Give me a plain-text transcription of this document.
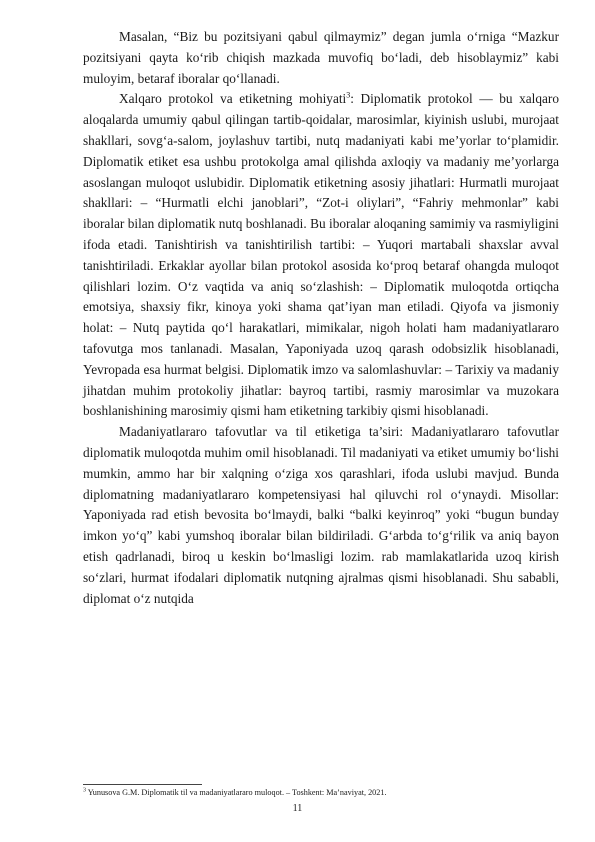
Masalan, “Biz bu pozitsiyani qabul qilmaymiz” degan jumla o‘rniga “Mazkur pozitsiyani qayta ko‘rib chiqish mazkada muvofiq bo‘ladi, deb hisoblaymiz” kabi muloyim, betaraf iboralar qo‘llanadi.

Xalqaro protokol va etiketning mohiyati$^3$: Diplomatik protokol — bu xalqaro aloqalarda umumiy qabul qilingan tartib-qoidalar, marosimlar, kiyinish uslubi, murojaat shakllari, sovg‘a-salom, joylashuv tartibi, nutq madaniyati kabi me’yorlar to‘plamidir. Diplomatik etiket esa ushbu protokolga amal qilishda axloqiy va madaniy me’yorlarga asoslangan muloqot uslubidir. Diplomatik etiketning asosiy jihatlari: Hurmatli murojaat shakllari: – “Hurmatli elchi janoblari”, “Zot-i oliylari”, “Fahriy mehmonlar” kabi iboralar bilan diplomatik nutq boshlanadi. Bu iboralar aloqaning samimiy va rasmiyligini ifoda etadi. Tanishtirish va tanishtirilish tartibi: – Yuqori martabali shaxslar avval tanishtiriladi. Erkaklar ayollar bilan protokol asosida ko‘proq betaraf ohangda muloqot qilishlari lozim. O‘z vaqtida va aniq so‘zlashish: – Diplomatik muloqotda ortiqcha emotsiya, shaxsiy fikr, kinoya yoki shama qat’iyan man etiladi. Qiyofa va jismoniy holat: – Nutq paytida qo‘l harakatlari, mimikalar, nigoh holati ham madaniyatlararo tafovutga mos tanlanadi. Masalan, Yaponiyada uzoq qarash odobsizlik hisoblanadi, Yevropada esa hurmat belgisi. Diplomatik imzo va salomlashuvlar: – Tarixiy va madaniy jihatdan muhim protokoliy jihatlar: bayroq tartibi, rasmiy marosimlar va muzokara boshlanishining marosimiy qismi ham etiketning tarkibiy qismi hisoblanadi.

Madaniyatlararo tafovutlar va til etiketiga ta’siri: Madaniyatlararo tafovutlar diplomatik muloqotda muhim omil hisoblanadi. Til madaniyati va etiket umumiy bo‘lishi mumkin, ammo har bir xalqning o‘ziga xos qarashlari, ifoda uslubi mavjud. Bunda diplomatning madaniyatlararo kompetensiyasi hal qiluvchi rol o‘ynaydi. Misollar: Yaponiyada rad etish bevosita bo‘lmaydi, balki “balki keyinroq” yoki “bugun bunday imkon yo‘q” kabi yumshoq iboralar bilan bildiriladi. G‘arbda to‘g‘rilik va aniq bayon etish qadrlanadi, biroq u keskin bo‘lmasligi lozim. rab mamlakatlarida uzoq kirish so‘zlari, hurmat ifodalari diplomatik nutqning ajralmas qismi hisoblanadi. Shu sababli, diplomat o‘z nutqida

$^3$ Yunusova G.M. Diplomatik til va madaniyatlararo muloqot. – Toshkent: Ma’naviyat, 2021.
11
